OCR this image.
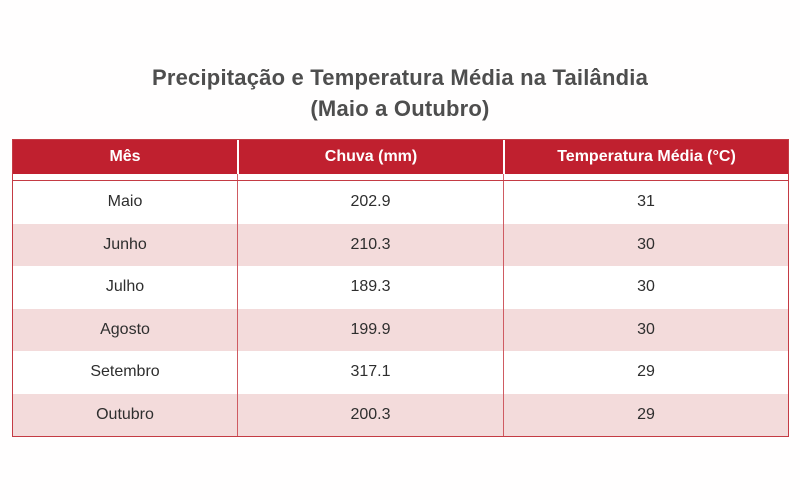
Precipitação e Temperatura Média na Tailândia
(Maio a Outubro)
Mês	Chuva (mm)	Temperatura Média (°C)
Maio	202.9	31
Junho	210.3	30
Julho	189.3	30
Agosto	199.9	30
Setembro	317.1	29
Outubro	200.3	29
